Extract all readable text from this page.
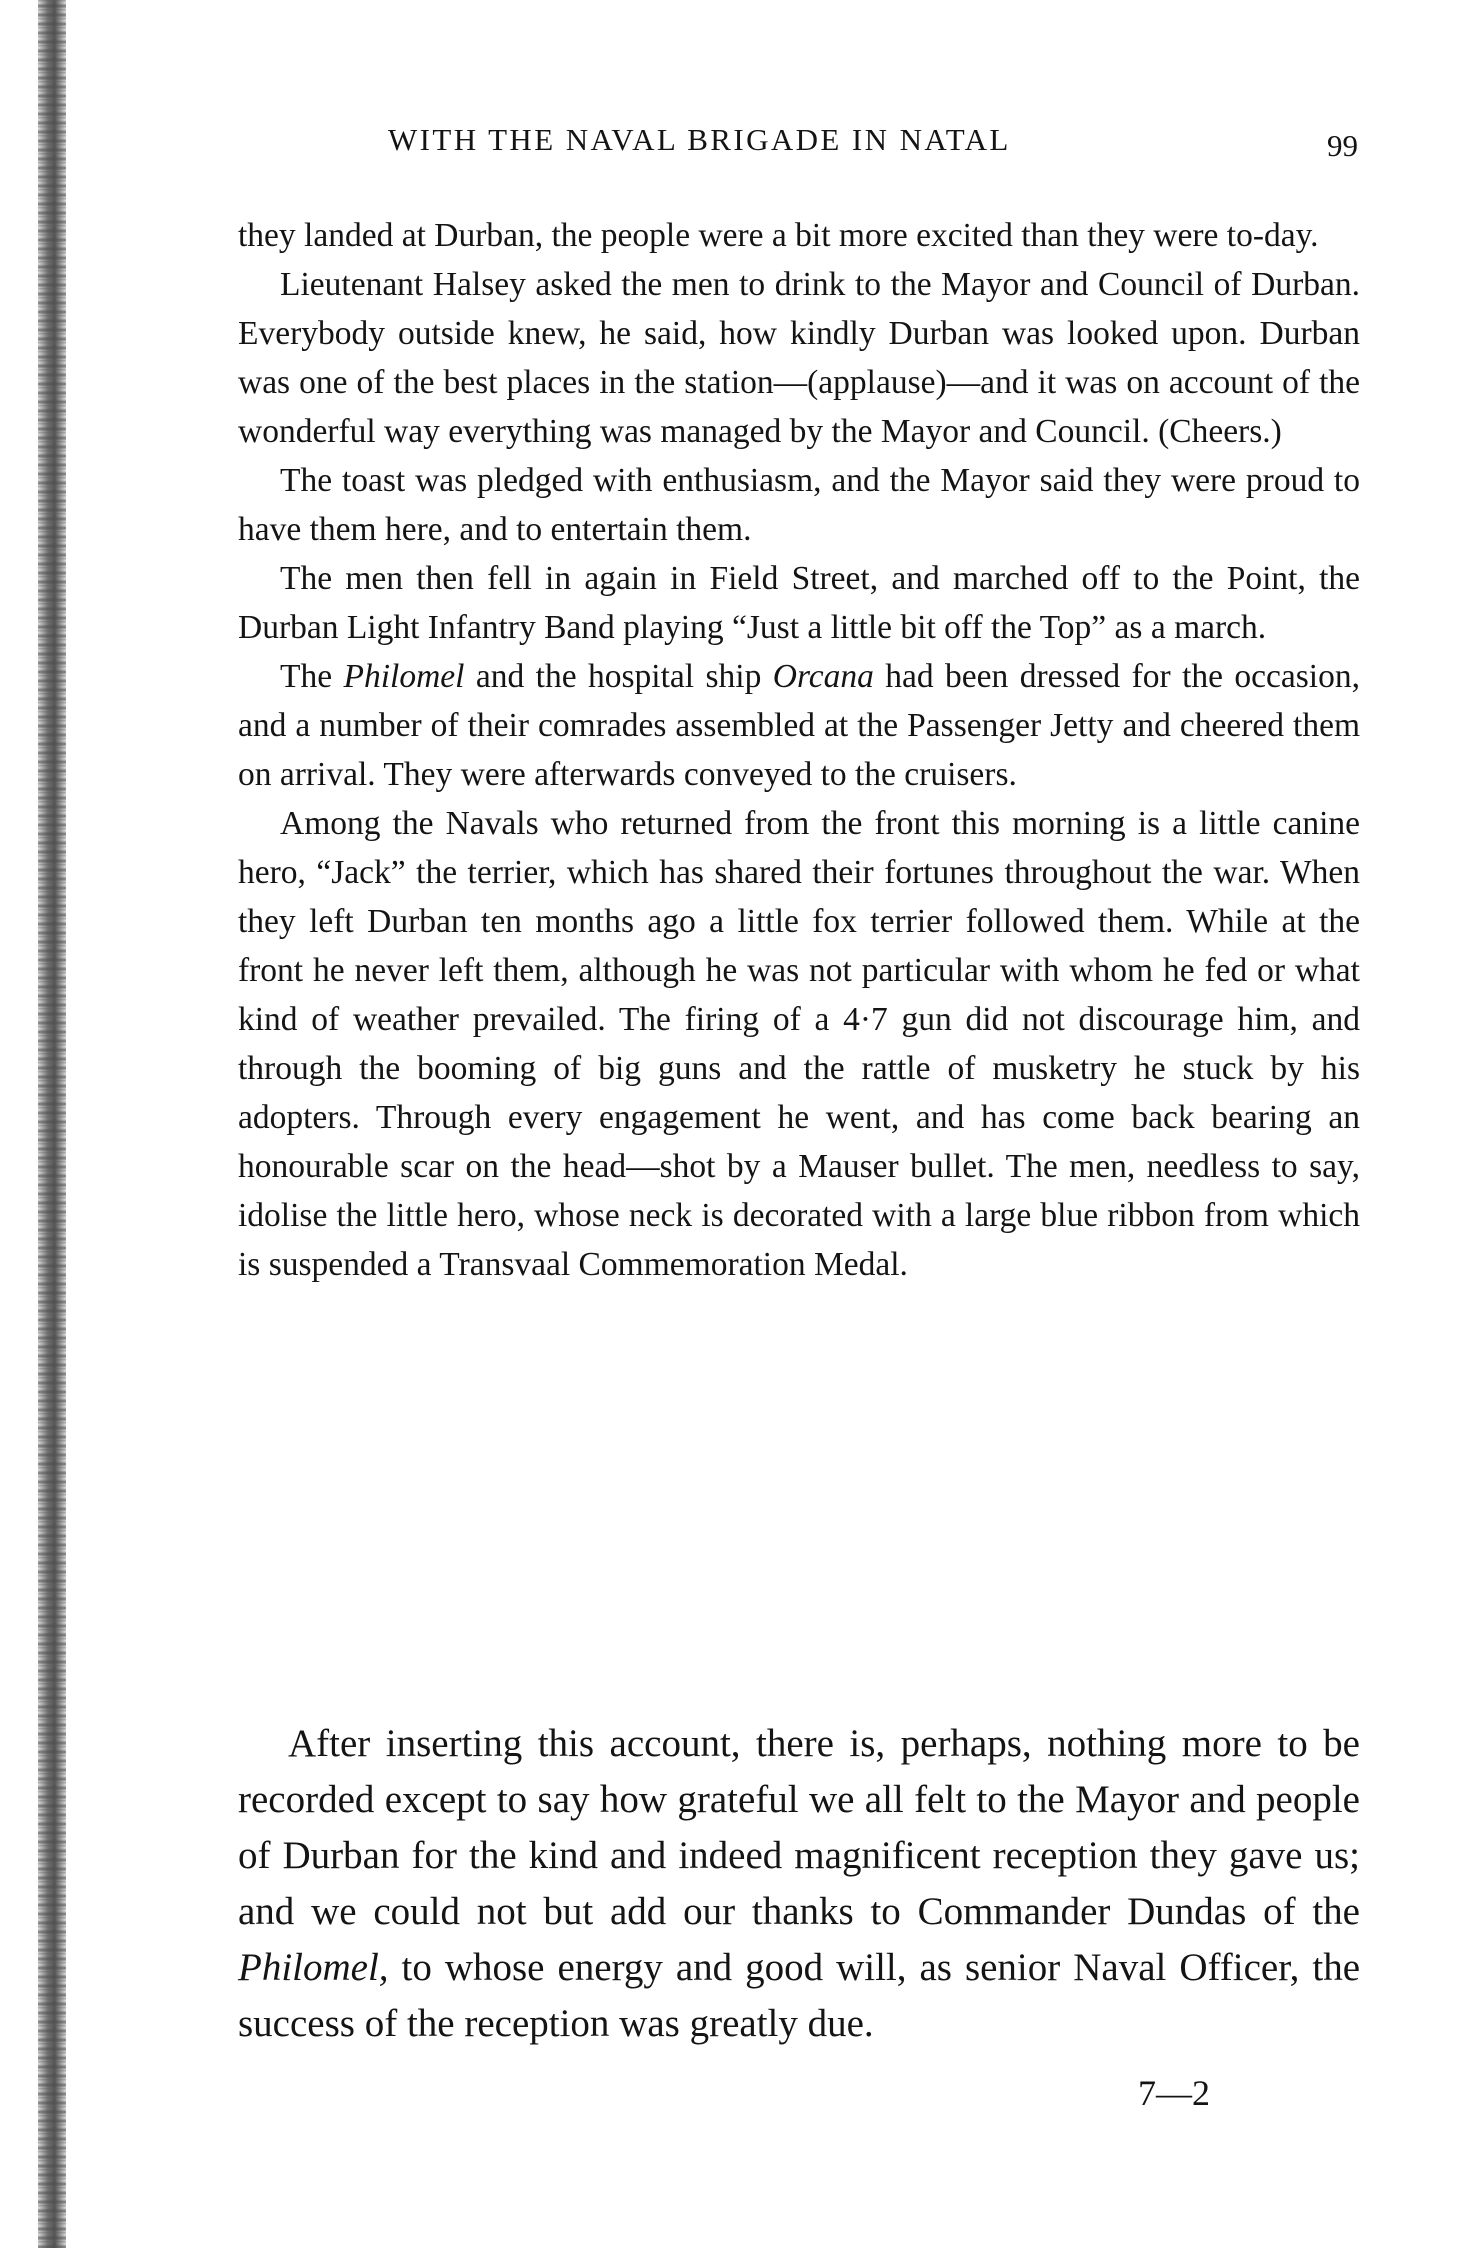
WITH THE NAVAL BRIGADE IN NATAL	99

they landed at Durban, the people were a bit more excited than they were to-day.

Lieutenant Halsey asked the men to drink to the Mayor and Council of Durban. Everybody outside knew, he said, how kindly Durban was looked upon. Durban was one of the best places in the station—(applause)—and it was on account of the wonderful way everything was managed by the Mayor and Council. (Cheers.)

The toast was pledged with enthusiasm, and the Mayor said they were proud to have them here, and to entertain them.

The men then fell in again in Field Street, and marched off to the Point, the Durban Light Infantry Band playing “Just a little bit off the Top” as a march.

The Philomel and the hospital ship Orcana had been dressed for the occasion, and a number of their comrades assembled at the Passenger Jetty and cheered them on arrival. They were afterwards conveyed to the cruisers.

Among the Navals who returned from the front this morning is a little canine hero, “Jack” the terrier, which has shared their fortunes throughout the war. When they left Durban ten months ago a little fox terrier followed them. While at the front he never left them, although he was not particular with whom he fed or what kind of weather prevailed. The firing of a 4·7 gun did not discourage him, and through the booming of big guns and the rattle of musketry he stuck by his adopters. Through every engagement he went, and has come back bearing an honourable scar on the head—shot by a Mauser bullet. The men, needless to say, idolise the little hero, whose neck is decorated with a large blue ribbon from which is suspended a Transvaal Commemoration Medal.

After inserting this account, there is, perhaps, nothing more to be recorded except to say how grateful we all felt to the Mayor and people of Durban for the kind and indeed magnificent reception they gave us; and we could not but add our thanks to Commander Dundas of the Philomel, to whose energy and good will, as senior Naval Officer, the success of the reception was greatly due.

7—2
